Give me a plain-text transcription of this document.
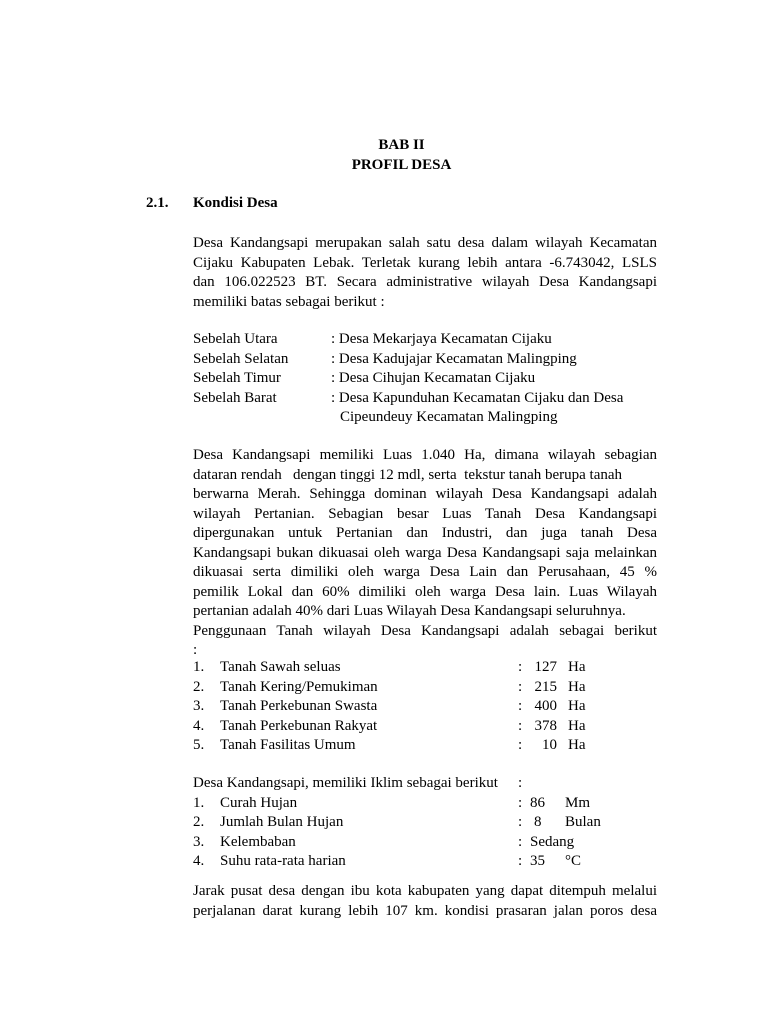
BAB II
PROFIL DESA
2.1. Kondisi Desa
Desa Kandangsapi merupakan salah satu desa dalam wilayah Kecamatan
Cijaku Kabupaten Lebak. Terletak kurang lebih antara -6.743042, LSLS
dan 106.022523 BT. Secara administrative wilayah Desa Kandangsapi
memiliki batas sebagai berikut :
Sebelah Utara	: Desa Mekarjaya Kecamatan Cijaku
Sebelah Selatan	: Desa Kadujajar Kecamatan Malingping
Sebelah Timur	: Desa Cihujan Kecamatan Cijaku
Sebelah Barat	: Desa Kapunduhan Kecamatan Cijaku dan Desa
Cipeundeuy Kecamatan Malingping
Desa Kandangsapi memiliki Luas 1.040 Ha, dimana wilayah sebagian
dataran rendah   dengan tinggi 12 mdl, serta  tekstur tanah berupa tanah
berwarna Merah. Sehingga dominan wilayah Desa Kandangsapi adalah
wilayah Pertanian. Sebagian besar Luas Tanah Desa Kandangsapi
dipergunakan untuk Pertanian dan Industri, dan juga tanah Desa
Kandangsapi bukan dikuasai oleh warga Desa Kandangsapi saja melainkan
dikuasai serta dimiliki oleh warga Desa Lain dan Perusahaan, 45 %
pemilik Lokal dan 60% dimiliki oleh warga Desa lain. Luas Wilayah
pertanian adalah 40% dari Luas Wilayah Desa Kandangsapi seluruhnya.
Penggunaan Tanah wilayah Desa Kandangsapi adalah sebagai berikut
:
1. Tanah Sawah seluas	: 127 Ha
2. Tanah Kering/Pemukiman	: 215 Ha
3. Tanah Perkebunan Swasta	: 400 Ha
4. Tanah Perkebunan Rakyat	: 378 Ha
5. Tanah Fasilitas Umum	:	10 Ha
Desa Kandangsapi, memiliki Iklim sebagai berikut :
1. Curah Hujan	: 86 Mm
2. Jumlah Bulan Hujan	: 8 Bulan
3. Kelembaban	: Sedang
4. Suhu rata-rata harian	: 35 °C
Jarak pusat desa dengan ibu kota kabupaten yang dapat ditempuh melalui
perjalanan darat kurang lebih 107 km. kondisi prasaran jalan poros desa
